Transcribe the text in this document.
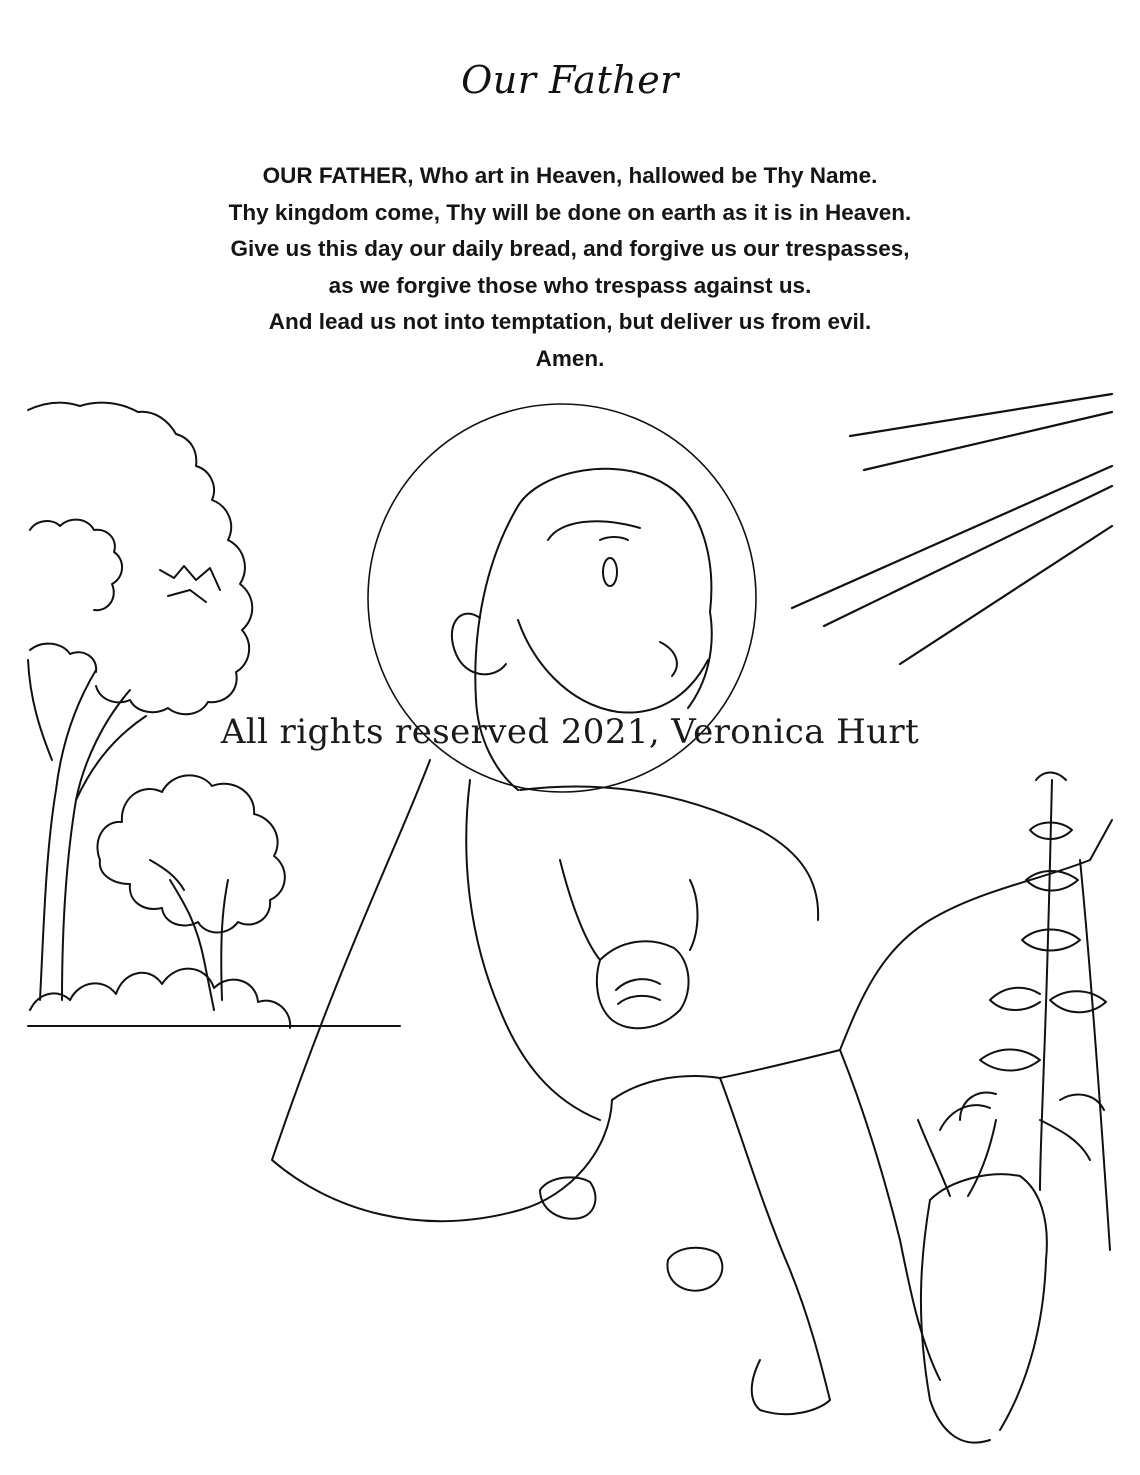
Our Father
OUR FATHER, Who art in Heaven, hallowed be Thy Name.
Thy kingdom come, Thy will be done on earth as it is in Heaven.
Give us this day our daily bread, and forgive us our trespasses,
as we forgive those who trespass against us.
And lead us not into temptation, but deliver us from evil.
Amen.
All rights reserved 2021, Veronica Hurt
